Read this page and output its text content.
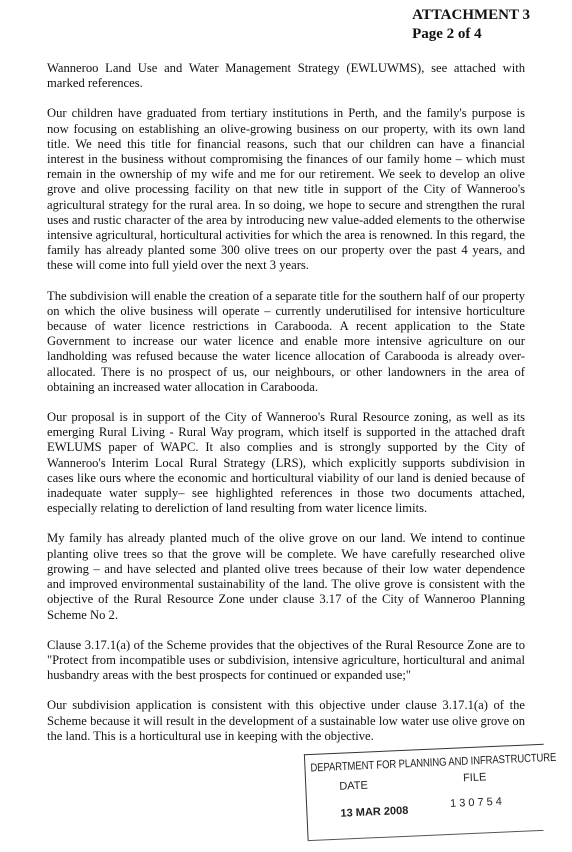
ATTACHMENT 3
Page 2 of 4

Wanneroo Land Use and Water Management Strategy (EWLUWMS), see attached with marked references.

Our children have graduated from tertiary institutions in Perth, and the family's purpose is now focusing on establishing an olive-growing business on our property, with its own land title. We need this title for financial reasons, such that our children can have a financial interest in the business without compromising the finances of our family home – which must remain in the ownership of my wife and me for our retirement. We seek to develop an olive grove and olive processing facility on that new title in support of the City of Wanneroo's agricultural strategy for the rural area. In so doing, we hope to secure and strengthen the rural uses and rustic character of the area by introducing new value-added elements to the otherwise intensive agricultural, horticultural activities for which the area is renowned. In this regard, the family has already planted some 300 olive trees on our property over the past 4 years, and these will come into full yield over the next 3 years.

The subdivision will enable the creation of a separate title for the southern half of our property on which the olive business will operate – currently underutilised for intensive horticulture because of water licence restrictions in Carabooda. A recent application to the State Government to increase our water licence and enable more intensive agriculture on our landholding was refused because the water licence allocation of Carabooda is already over-allocated. There is no prospect of us, our neighbours, or other landowners in the area of obtaining an increased water allocation in Carabooda.

Our proposal is in support of the City of Wanneroo's Rural Resource zoning, as well as its emerging Rural Living - Rural Way program, which itself is supported in the attached draft EWLUMS paper of WAPC. It also complies and is strongly supported by the City of Wanneroo's Interim Local Rural Strategy (LRS), which explicitly supports subdivision in cases like ours where the economic and horticultural viability of our land is denied because of inadequate water supply– see highlighted references in those two documents attached, especially relating to dereliction of land resulting from water licence limits.

My family has already planted much of the olive grove on our land. We intend to continue planting olive trees so that the grove will be complete. We have carefully researched olive growing – and have selected and planted olive trees because of their low water dependence and improved environmental sustainability of the land. The olive grove is consistent with the objective of the Rural Resource Zone under clause 3.17 of the City of Wanneroo Planning Scheme No 2.

Clause 3.17.1(a) of the Scheme provides that the objectives of the Rural Resource Zone are to "Protect from incompatible uses or subdivision, intensive agriculture, horticultural and animal husbandry areas with the best prospects for continued or expanded use;"

Our subdivision application is consistent with this objective under clause 3.17.1(a) of the Scheme because it will result in the development of a sustainable low water use olive grove on the land. This is a horticultural use in keeping with the objective.

DEPARTMENT FOR PLANNING AND INFRASTRUCTURE
DATE
FILE
13 MAR 2008
130754
